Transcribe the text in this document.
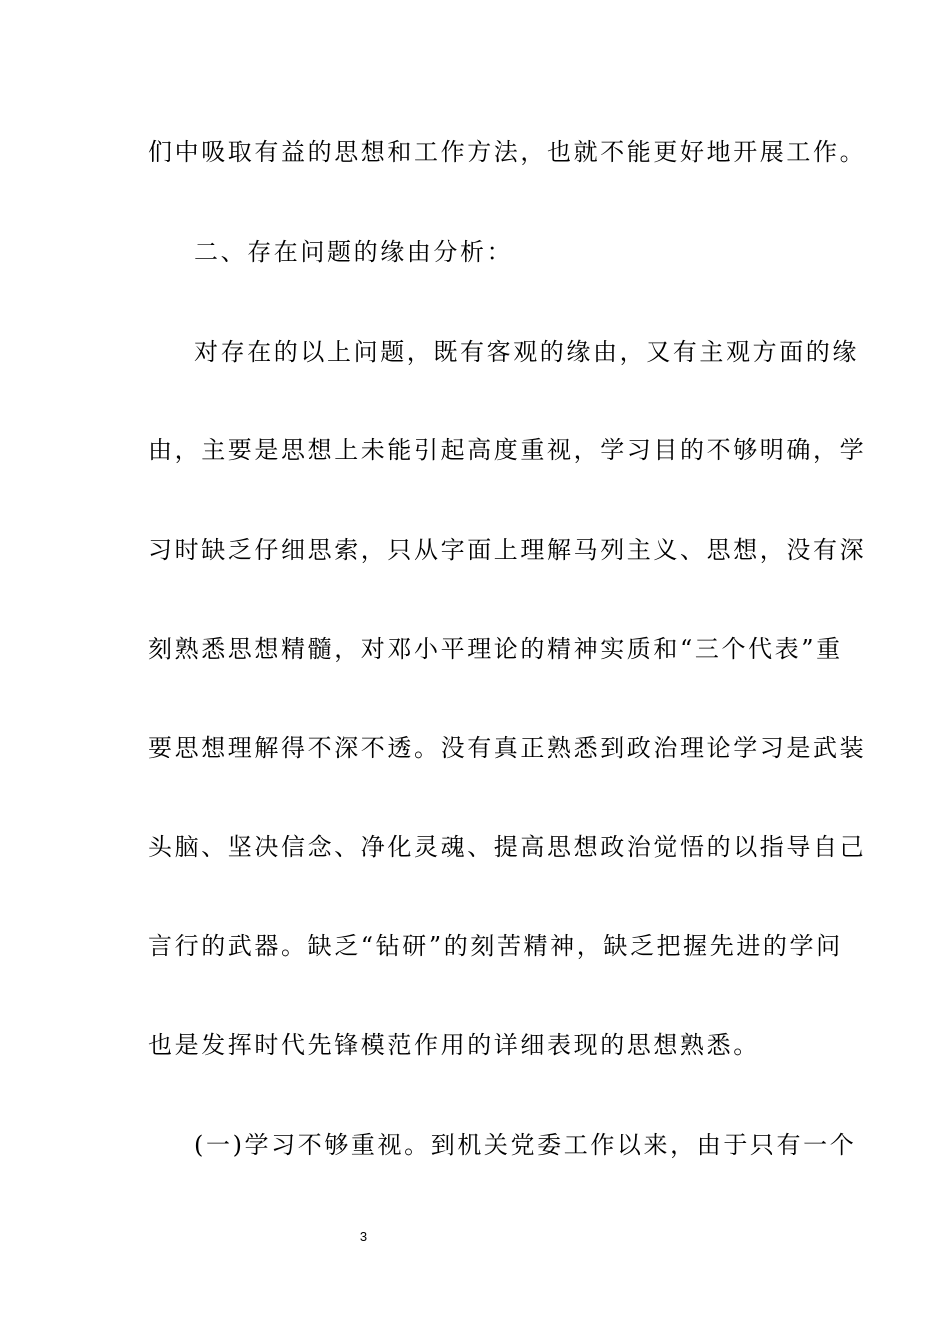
们中吸取有益的思想和工作方法，也就不能更好地开展工作。
二、存在问题的缘由分析：
对存在的以上问题，既有客观的缘由，又有主观方面的缘
由，主要是思想上未能引起高度重视，学习目的不够明确，学
习时缺乏仔细思索，只从字面上理解马列主义、思想，没有深
刻熟悉思想精髓，对邓小平理论的精神实质和“三个代表”重
要思想理解得不深不透。没有真正熟悉到政治理论学习是武装
头脑、坚决信念、净化灵魂、提高思想政治觉悟的以指导自己
言行的武器。缺乏“钻研”的刻苦精神，缺乏把握先进的学问
也是发挥时代先锋模范作用的详细表现的思想熟悉。
(一)学习不够重视。到机关党委工作以来，由于只有一个
3
